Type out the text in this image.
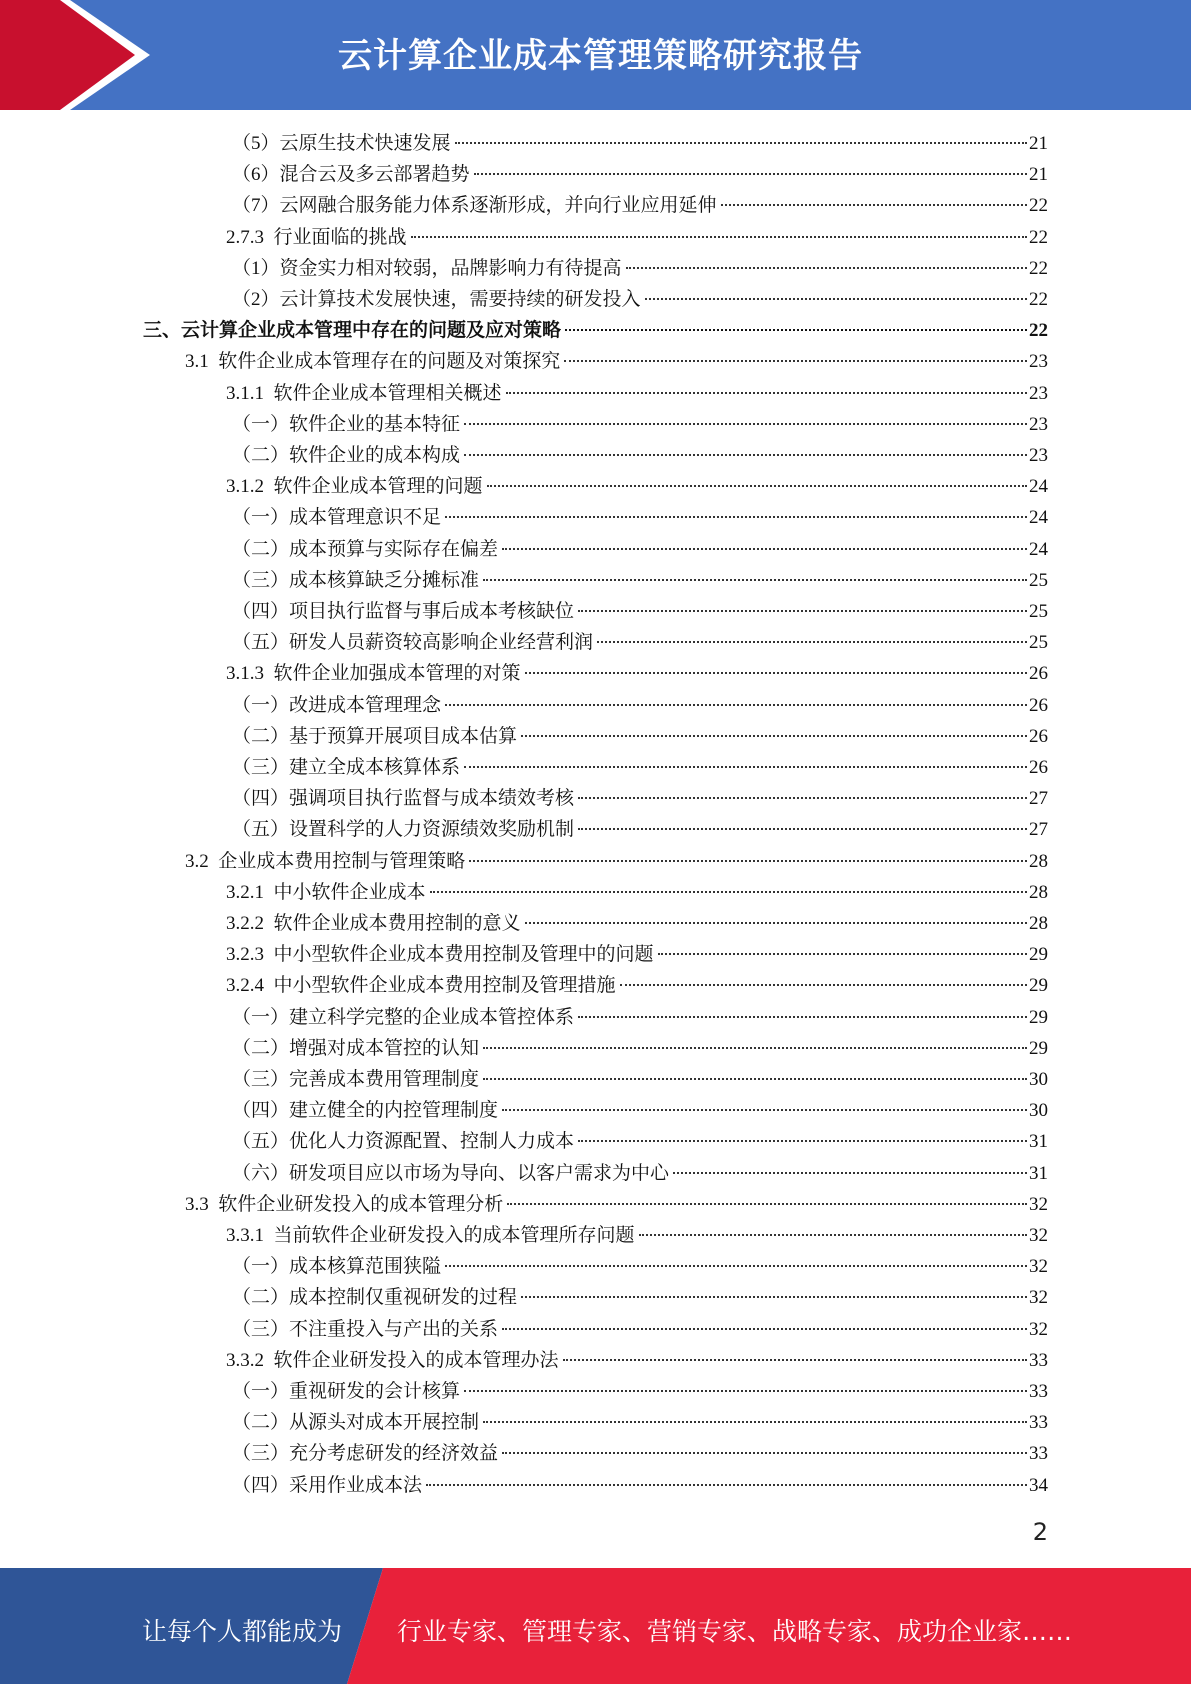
云计算企业成本管理策略研究报告
（5）云原生技术快速发展	21
（6）混合云及多云部署趋势	21
（7）云网融合服务能力体系逐渐形成，并向行业应用延伸	22
2.7.3  行业面临的挑战	22
（1）资金实力相对较弱，品牌影响力有待提高	22
（2）云计算技术发展快速，需要持续的研发投入	22
三、云计算企业成本管理中存在的问题及应对策略	22
3.1  软件企业成本管理存在的问题及对策探究	23
3.1.1  软件企业成本管理相关概述	23
（一）软件企业的基本特征	23
（二）软件企业的成本构成	23
3.1.2  软件企业成本管理的问题	24
（一）成本管理意识不足	24
（二）成本预算与实际存在偏差	24
（三）成本核算缺乏分摊标准	25
（四）项目执行监督与事后成本考核缺位	25
（五）研发人员薪资较高影响企业经营利润	25
3.1.3  软件企业加强成本管理的对策	26
（一）改进成本管理理念	26
（二）基于预算开展项目成本估算	26
（三）建立全成本核算体系	26
（四）强调项目执行监督与成本绩效考核	27
（五）设置科学的人力资源绩效奖励机制	27
3.2  企业成本费用控制与管理策略	28
3.2.1  中小软件企业成本	28
3.2.2  软件企业成本费用控制的意义	28
3.2.3  中小型软件企业成本费用控制及管理中的问题	29
3.2.4  中小型软件企业成本费用控制及管理措施	29
（一）建立科学完整的企业成本管控体系	29
（二）增强对成本管控的认知	29
（三）完善成本费用管理制度	30
（四）建立健全的内控管理制度	30
（五）优化人力资源配置、控制人力成本	31
（六）研发项目应以市场为导向、以客户需求为中心	31
3.3  软件企业研发投入的成本管理分析	32
3.3.1  当前软件企业研发投入的成本管理所存问题	32
（一）成本核算范围狭隘	32
（二）成本控制仅重视研发的过程	32
（三）不注重投入与产出的关系	32
3.3.2  软件企业研发投入的成本管理办法	33
（一）重视研发的会计核算	33
（二）从源头对成本开展控制	33
（三）充分考虑研发的经济效益	33
（四）采用作业成本法	34
2
让每个人都能成为 行业专家、管理专家、营销专家、战略专家、成功企业家……
